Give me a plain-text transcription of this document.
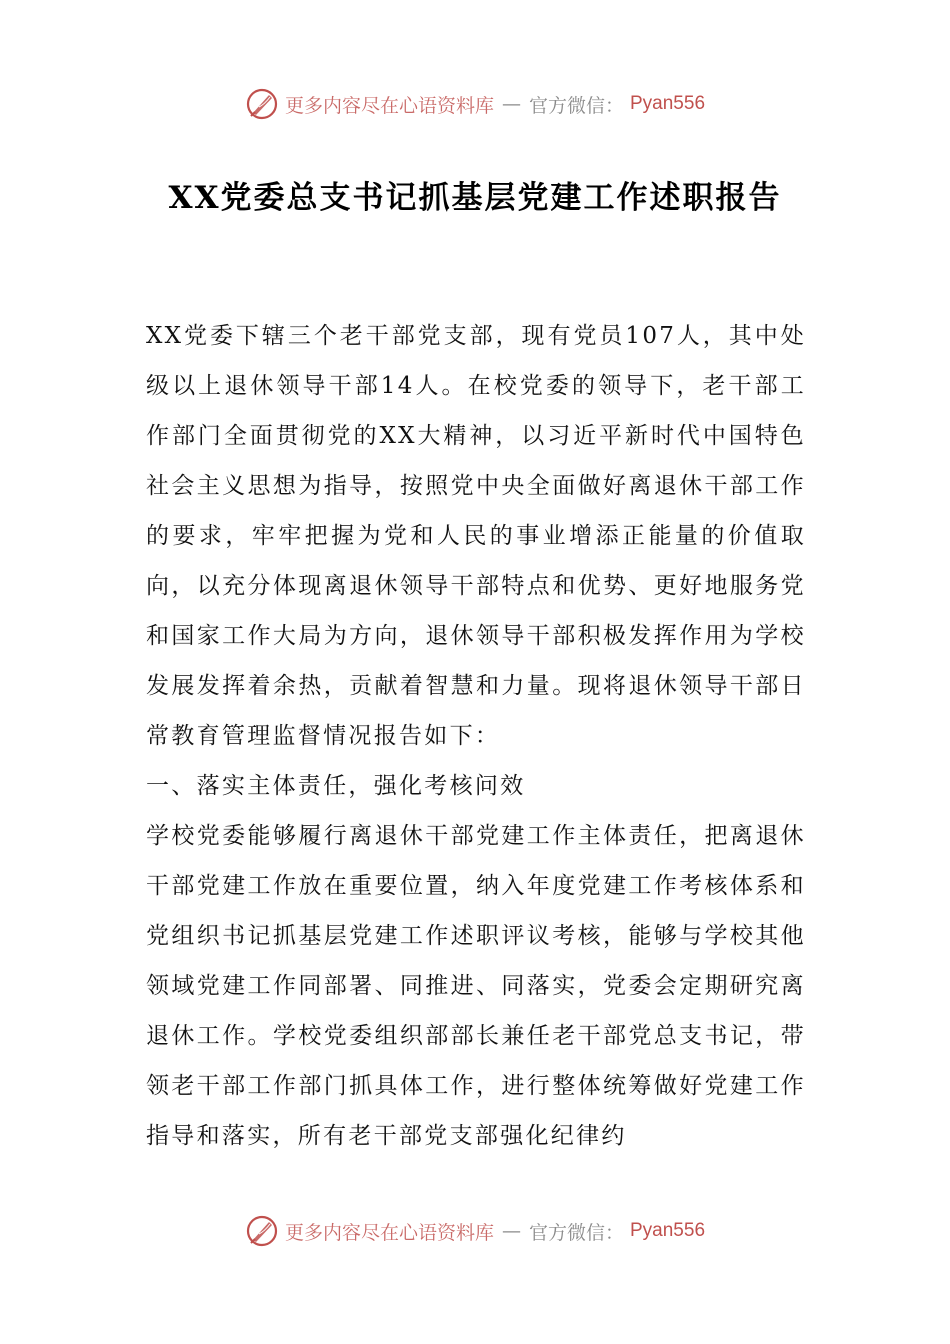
更多内容尽在心语资料库 — 官方微信： Pyan556
XX党委总支书记抓基层党建工作述职报告

XX党委下辖三个老干部党支部，现有党员107人，其中处级以上退休领导干部14人。在校党委的领导下，老干部工作部门全面贯彻党的XX大精神，以习近平新时代中国特色社会主义思想为指导，按照党中央全面做好离退休干部工作的要求，牢牢把握为党和人民的事业增添正能量的价值取向，以充分体现离退休领导干部特点和优势、更好地服务党和国家工作大局为方向，退休领导干部积极发挥作用为学校发展发挥着余热，贡献着智慧和力量。现将退休领导干部日常教育管理监督情况报告如下：

一、落实主体责任，强化考核问效

学校党委能够履行离退休干部党建工作主体责任，把离退休干部党建工作放在重要位置，纳入年度党建工作考核体系和党组织书记抓基层党建工作述职评议考核，能够与学校其他领域党建工作同部署、同推进、同落实，党委会定期研究离退休工作。学校党委组织部部长兼任老干部党总支书记，带领老干部工作部门抓具体工作，进行整体统筹做好党建工作指导和落实，所有老干部党支部强化纪律约

更多内容尽在心语资料库 — 官方微信： Pyan556
